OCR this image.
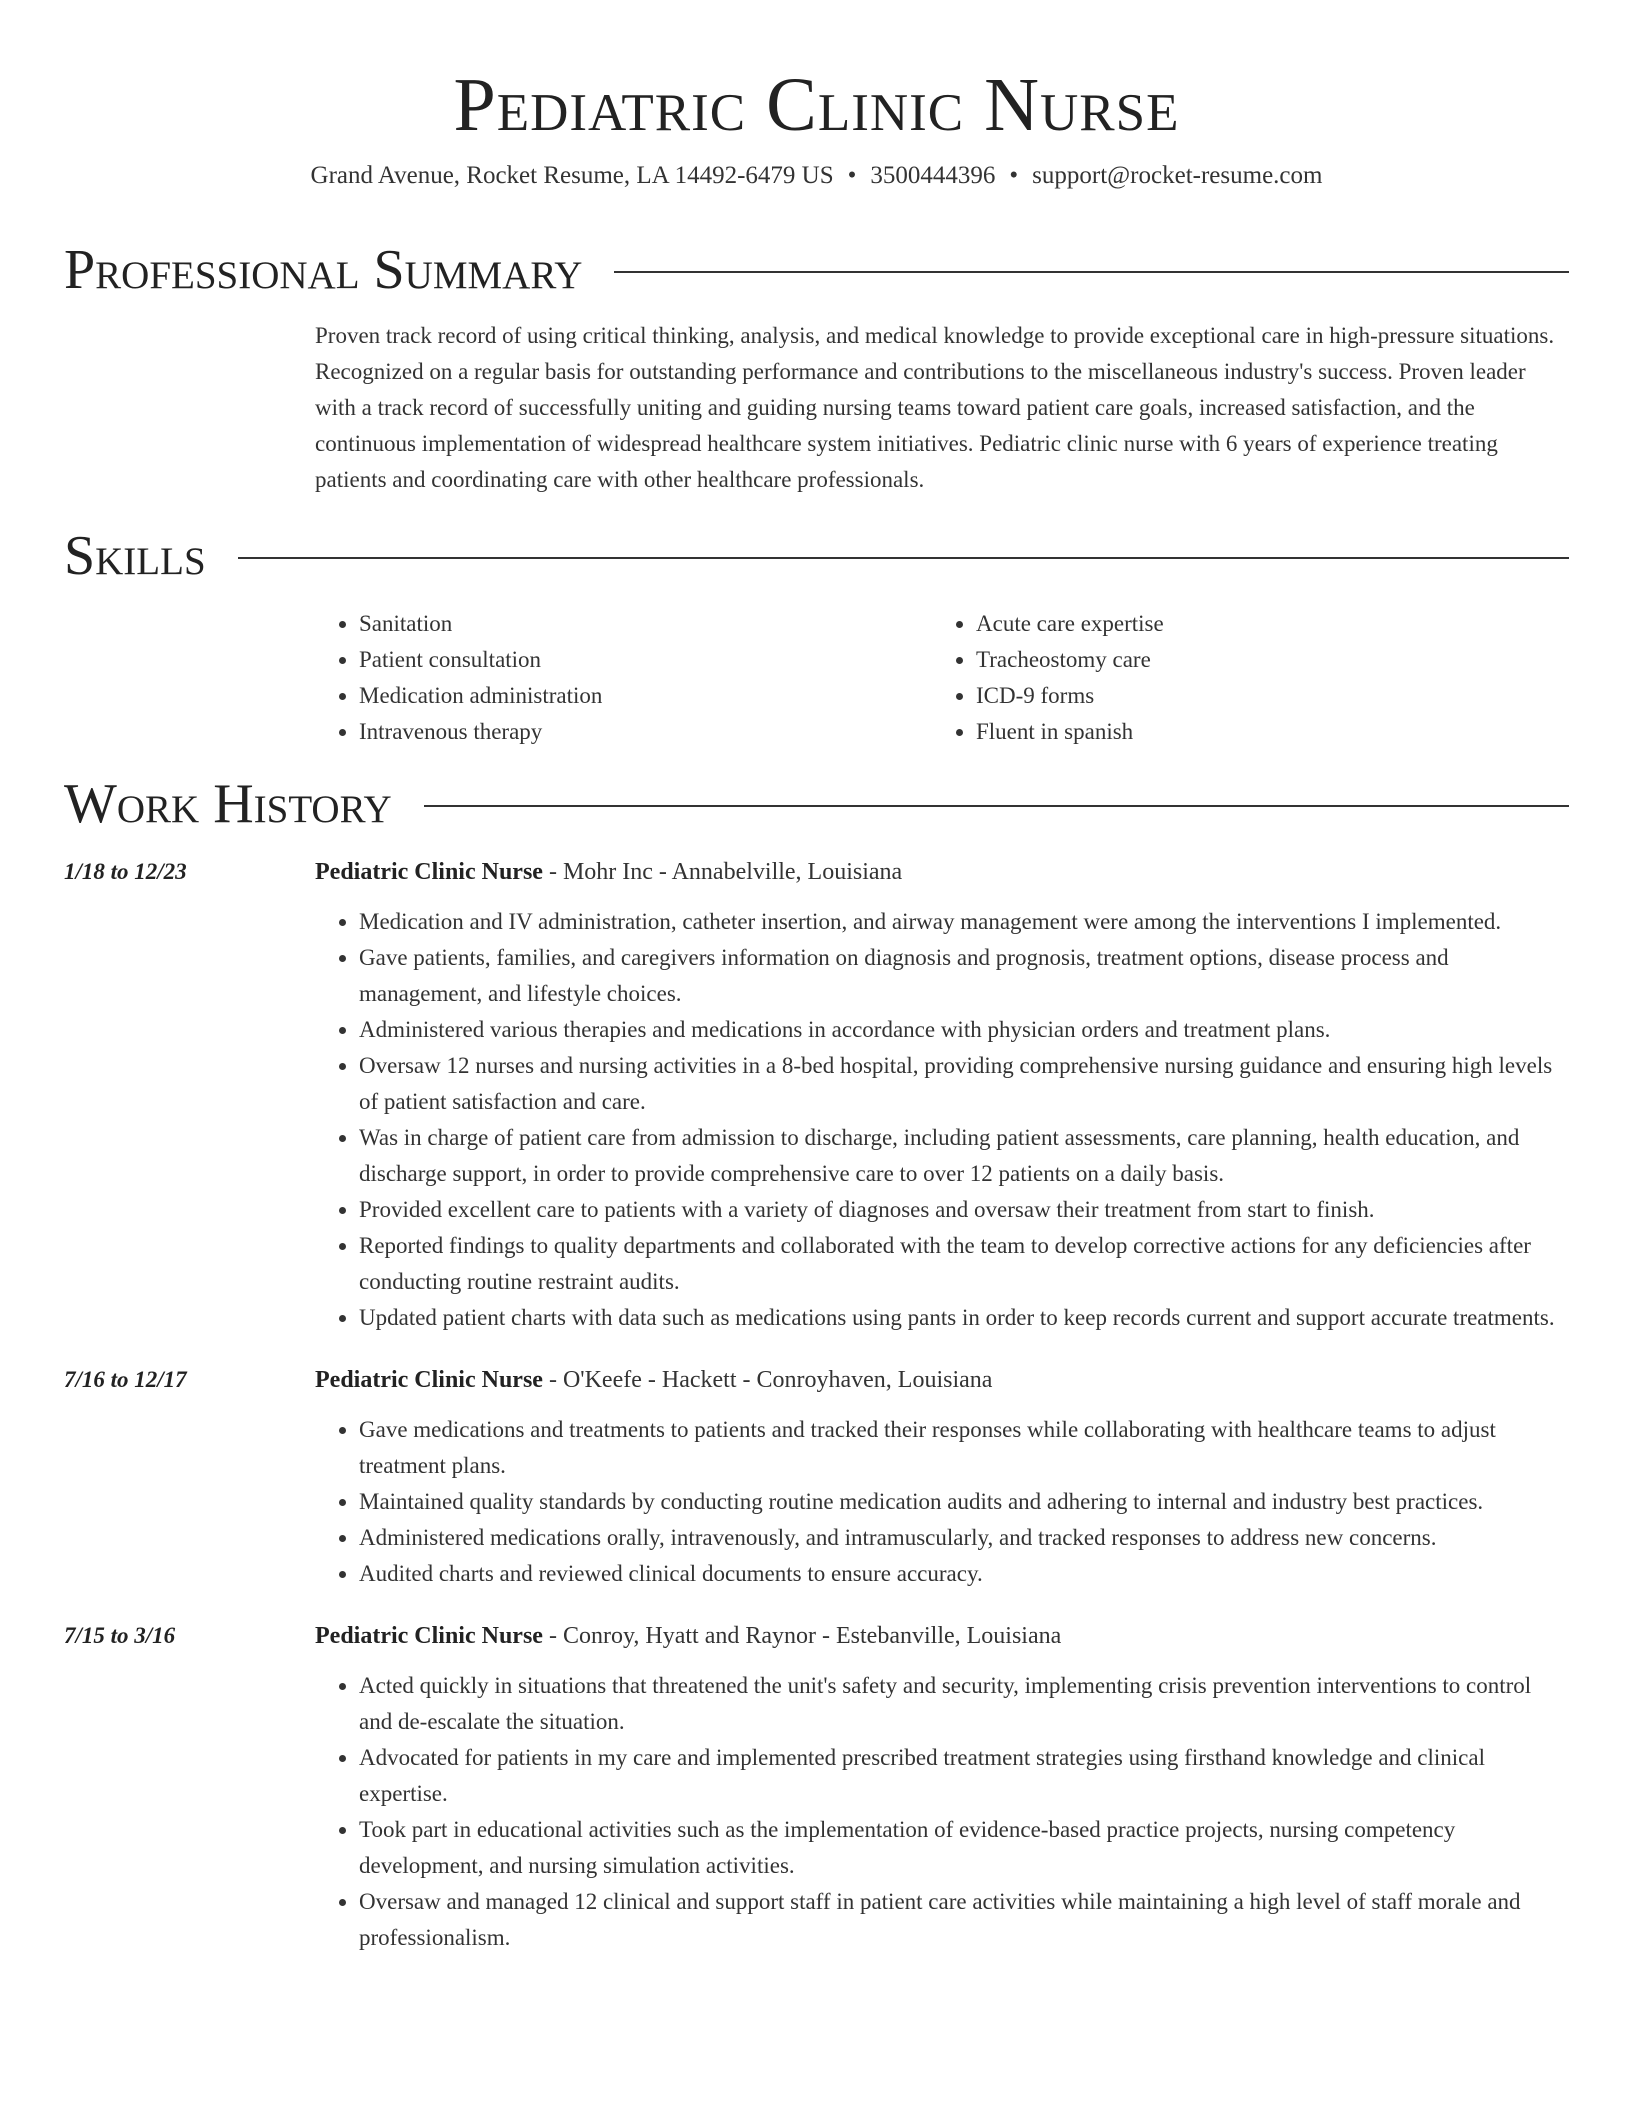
Pediatric Clinic Nurse
Grand Avenue, Rocket Resume, LA 14492-6479 US • 3500444396 • support@rocket-resume.com
Professional Summary
Proven track record of using critical thinking, analysis, and medical knowledge to provide exceptional care in high-pressure situations. Recognized on a regular basis for outstanding performance and contributions to the miscellaneous industry's success. Proven leader with a track record of successfully uniting and guiding nursing teams toward patient care goals, increased satisfaction, and the continuous implementation of widespread healthcare system initiatives. Pediatric clinic nurse with 6 years of experience treating patients and coordinating care with other healthcare professionals.
Skills
• Sanitation
• Patient consultation
• Medication administration
• Intravenous therapy
• Acute care expertise
• Tracheostomy care
• ICD-9 forms
• Fluent in spanish
Work History
1/18 to 12/23	Pediatric Clinic Nurse - Mohr Inc - Annabelville, Louisiana
• Medication and IV administration, catheter insertion, and airway management were among the interventions I implemented.
• Gave patients, families, and caregivers information on diagnosis and prognosis, treatment options, disease process and management, and lifestyle choices.
• Administered various therapies and medications in accordance with physician orders and treatment plans.
• Oversaw 12 nurses and nursing activities in a 8-bed hospital, providing comprehensive nursing guidance and ensuring high levels of patient satisfaction and care.
• Was in charge of patient care from admission to discharge, including patient assessments, care planning, health education, and discharge support, in order to provide comprehensive care to over 12 patients on a daily basis.
• Provided excellent care to patients with a variety of diagnoses and oversaw their treatment from start to finish.
• Reported findings to quality departments and collaborated with the team to develop corrective actions for any deficiencies after conducting routine restraint audits.
• Updated patient charts with data such as medications using pants in order to keep records current and support accurate treatments.
7/16 to 12/17	Pediatric Clinic Nurse - O'Keefe - Hackett - Conroyhaven, Louisiana
• Gave medications and treatments to patients and tracked their responses while collaborating with healthcare teams to adjust treatment plans.
• Maintained quality standards by conducting routine medication audits and adhering to internal and industry best practices.
• Administered medications orally, intravenously, and intramuscularly, and tracked responses to address new concerns.
• Audited charts and reviewed clinical documents to ensure accuracy.
7/15 to 3/16	Pediatric Clinic Nurse - Conroy, Hyatt and Raynor - Estebanville, Louisiana
• Acted quickly in situations that threatened the unit's safety and security, implementing crisis prevention interventions to control and de-escalate the situation.
• Advocated for patients in my care and implemented prescribed treatment strategies using firsthand knowledge and clinical expertise.
• Took part in educational activities such as the implementation of evidence-based practice projects, nursing competency development, and nursing simulation activities.
• Oversaw and managed 12 clinical and support staff in patient care activities while maintaining a high level of staff morale and professionalism.
